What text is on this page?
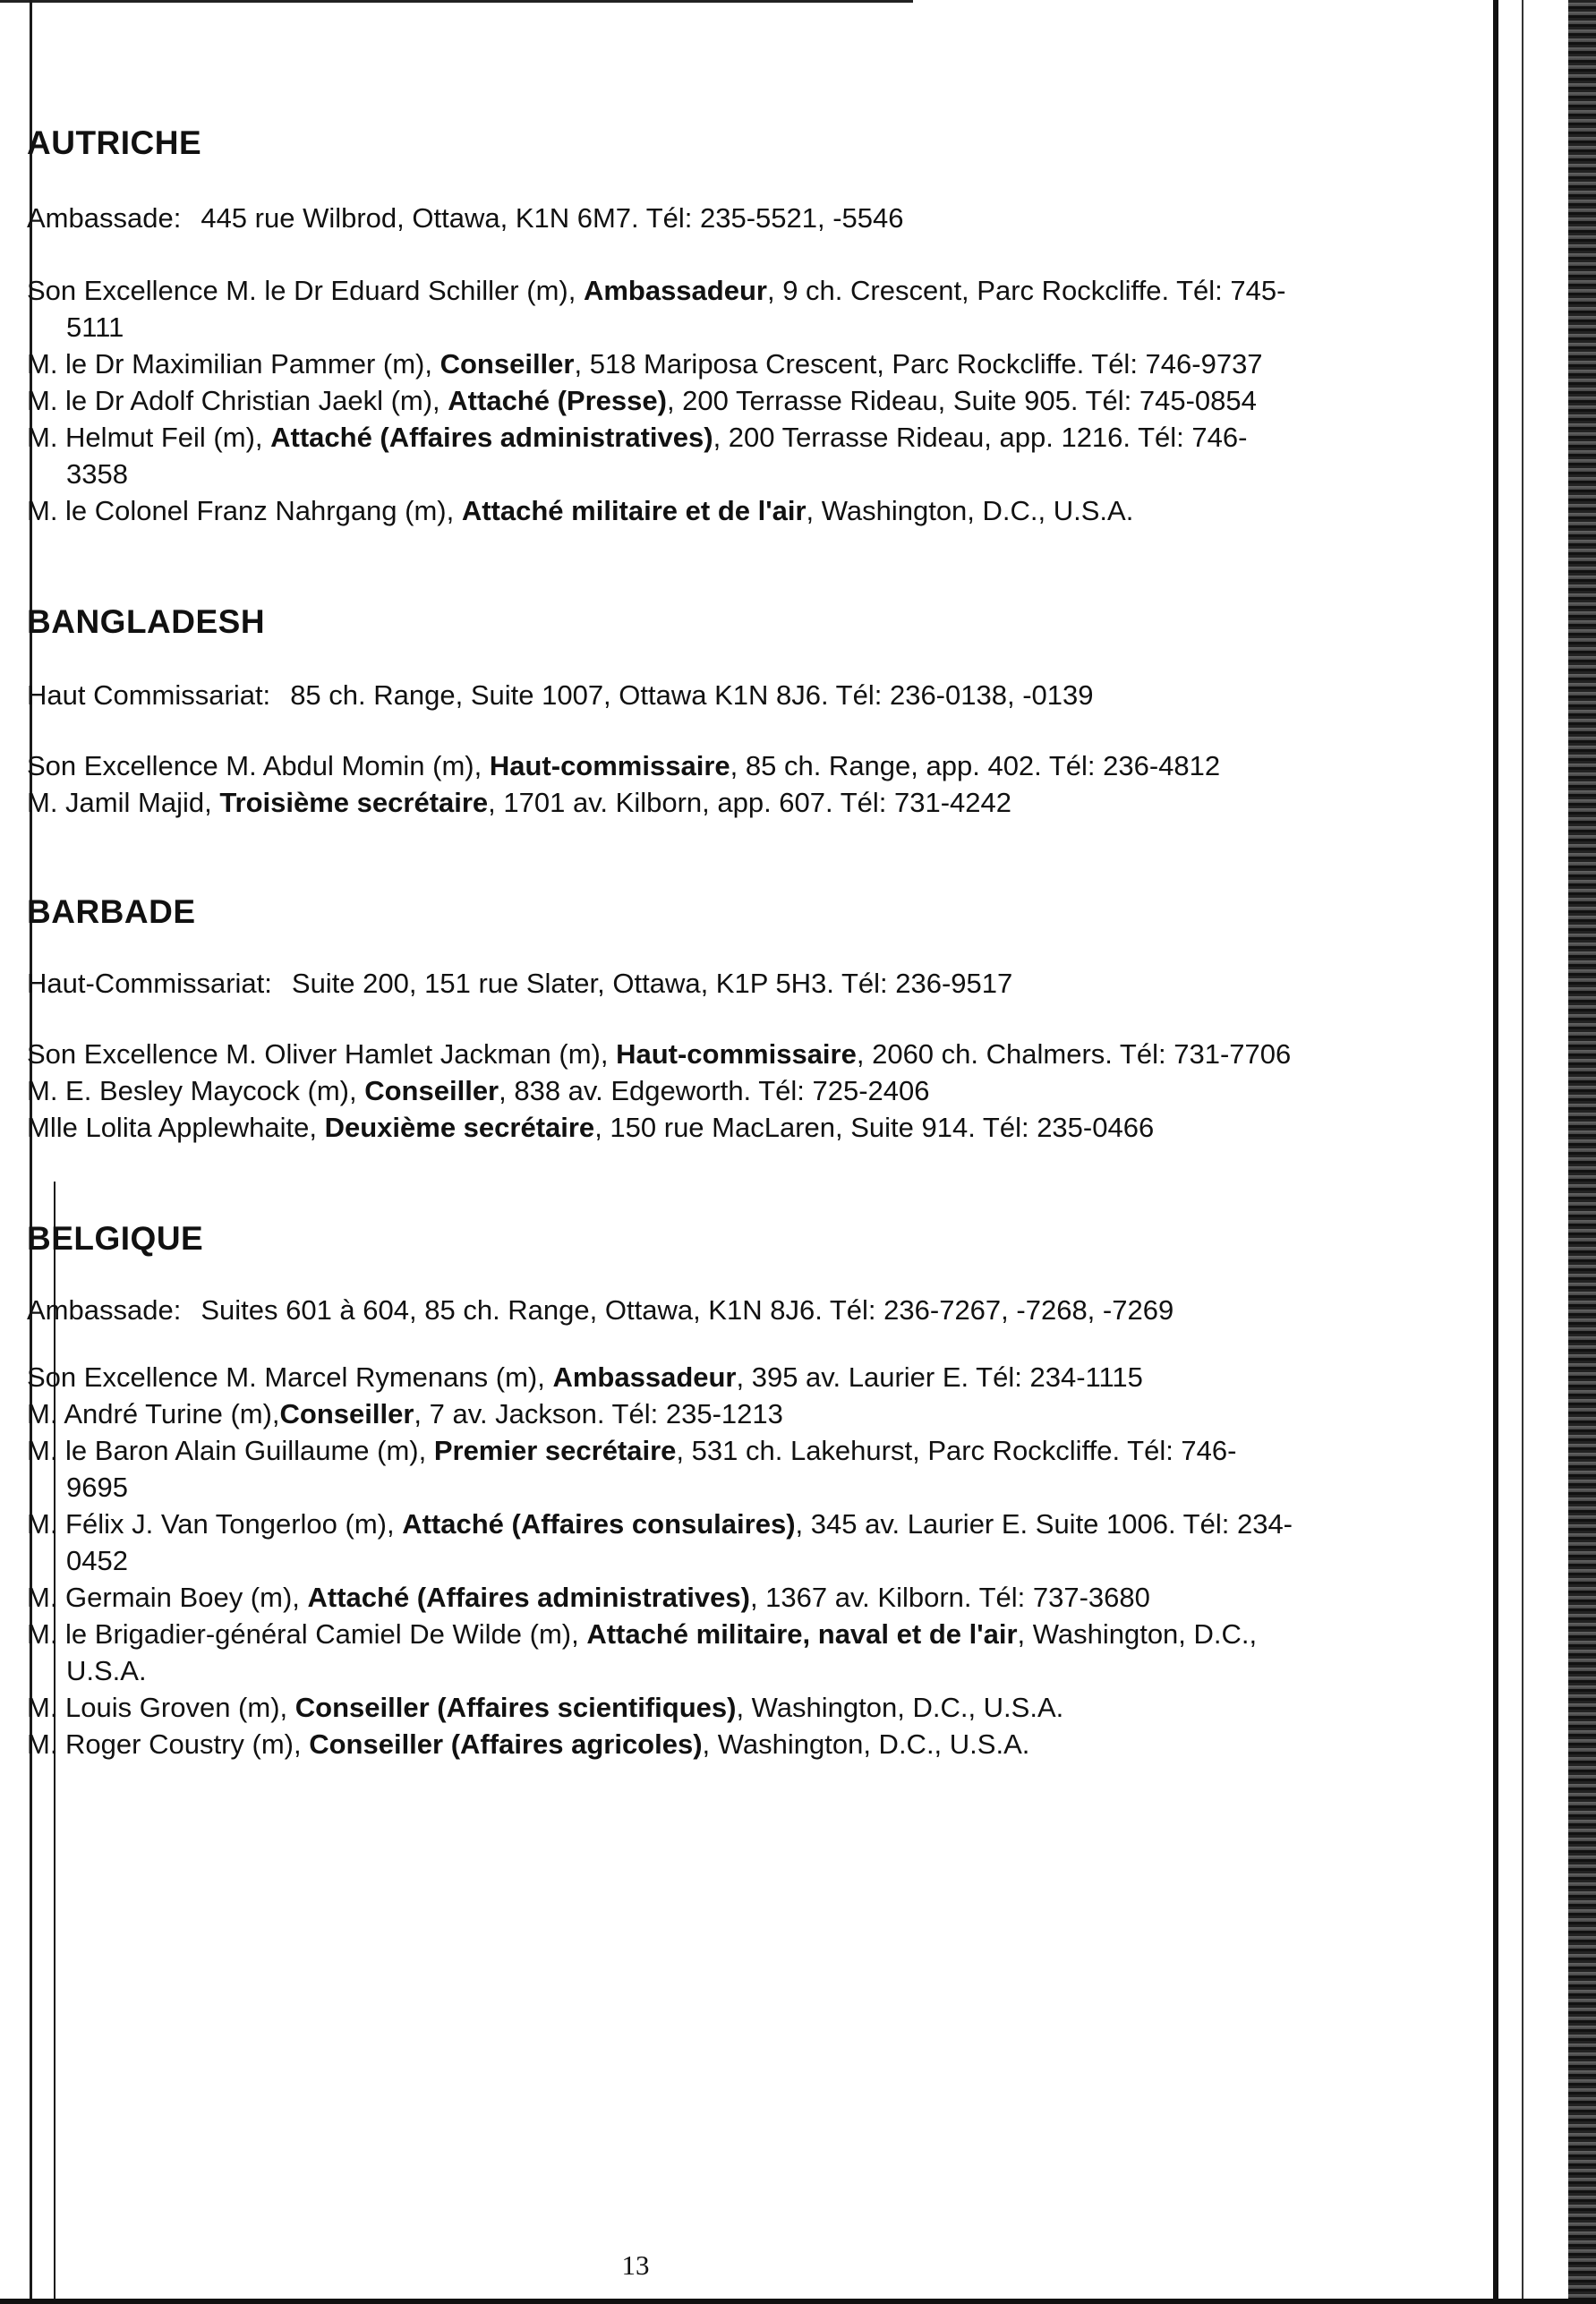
AUTRICHE

Ambassade: 445 rue Wilbrod, Ottawa, K1N 6M7. Tél: 235-5521, -5546

Son Excellence M. le Dr Eduard Schiller (m), Ambassadeur, 9 ch. Crescent, Parc Rockcliffe. Tél: 745-5111

M. le Dr Maximilian Pammer (m), Conseiller, 518 Mariposa Crescent, Parc Rockcliffe. Tél: 746-9737

M. le Dr Adolf Christian Jaekl (m), Attaché (Presse), 200 Terrasse Rideau, Suite 905. Tél: 745-0854

M. Helmut Feil (m), Attaché (Affaires administratives), 200 Terrasse Rideau, app. 1216. Tél: 746-3358

M. le Colonel Franz Nahrgang (m), Attaché militaire et de l'air, Washington, D.C., U.S.A.

BANGLADESH

Haut Commissariat: 85 ch. Range, Suite 1007, Ottawa K1N 8J6. Tél: 236-0138, -0139

Son Excellence M. Abdul Momin (m), Haut-commissaire, 85 ch. Range, app. 402. Tél: 236-4812

M. Jamil Majid, Troisième secrétaire, 1701 av. Kilborn, app. 607. Tél: 731-4242

BARBADE

Haut-Commissariat: Suite 200, 151 rue Slater, Ottawa, K1P 5H3. Tél: 236-9517

Son Excellence M. Oliver Hamlet Jackman (m), Haut-commissaire, 2060 ch. Chalmers. Tél: 731-7706

M. E. Besley Maycock (m), Conseiller, 838 av. Edgeworth. Tél: 725-2406

Mlle Lolita Applewhaite, Deuxième secrétaire, 150 rue MacLaren, Suite 914. Tél: 235-0466

BELGIQUE

Ambassade: Suites 601 à 604, 85 ch. Range, Ottawa, K1N 8J6. Tél: 236-7267, -7268, -7269

Son Excellence M. Marcel Rymenans (m), Ambassadeur, 395 av. Laurier E. Tél: 234-1115

M. André Turine (m),Conseiller, 7 av. Jackson. Tél: 235-1213

M. le Baron Alain Guillaume (m), Premier secrétaire, 531 ch. Lakehurst, Parc Rockcliffe. Tél: 746-9695

M. Félix J. Van Tongerloo (m), Attaché (Affaires consulaires), 345 av. Laurier E. Suite 1006. Tél: 234-0452

M. Germain Boey (m), Attaché (Affaires administratives), 1367 av. Kilborn. Tél: 737-3680

M. le Brigadier-général Camiel De Wilde (m), Attaché militaire, naval et de l'air, Washington, D.C., U.S.A.

M. Louis Groven (m), Conseiller (Affaires scientifiques), Washington, D.C., U.S.A.

M. Roger Coustry (m), Conseiller (Affaires agricoles), Washington, D.C., U.S.A.

13
